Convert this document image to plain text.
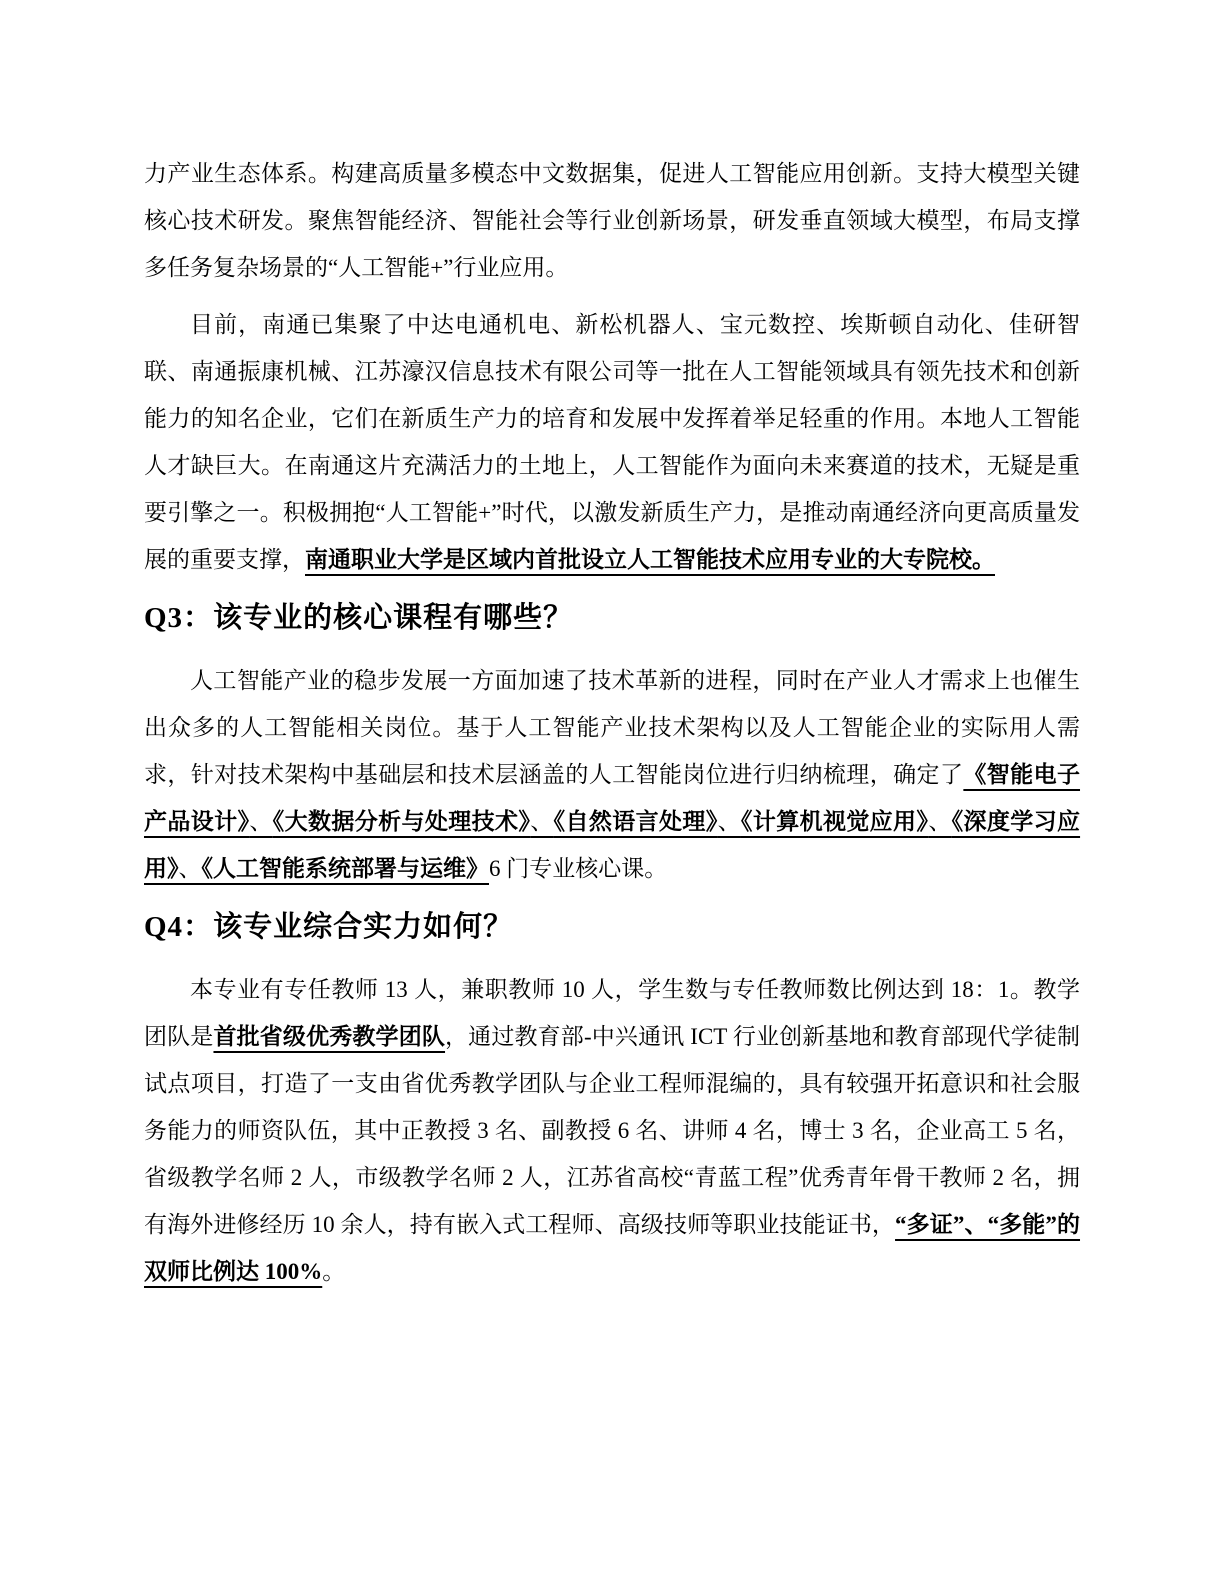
力产业生态体系。构建高质量多模态中文数据集，促进人工智能应用创新。支持大模型关键核心技术研发。聚焦智能经济、智能社会等行业创新场景，研发垂直领域大模型，布局支撑多任务复杂场景的“人工智能+”行业应用。

目前，南通已集聚了中达电通机电、新松机器人、宝元数控、埃斯顿自动化、佳研智联、南通振康机械、江苏濠汉信息技术有限公司等一批在人工智能领域具有领先技术和创新能力的知名企业，它们在新质生产力的培育和发展中发挥着举足轻重的作用。本地人工智能人才缺巨大。在南通这片充满活力的土地上，人工智能作为面向未来赛道的技术，无疑是重要引擎之一。积极拥抱“人工智能+”时代，以激发新质生产力，是推动南通经济向更高质量发展的重要支撑，南通职业大学是区域内首批设立人工智能技术应用专业的大专院校。

Q3：该专业的核心课程有哪些？

人工智能产业的稳步发展一方面加速了技术革新的进程，同时在产业人才需求上也催生出众多的人工智能相关岗位。基于人工智能产业技术架构以及人工智能企业的实际用人需求，针对技术架构中基础层和技术层涵盖的人工智能岗位进行归纳梳理，确定了《智能电子产品设计》、《大数据分析与处理技术》、《自然语言处理》、《计算机视觉应用》、《深度学习应用》、《人工智能系统部署与运维》6 门专业核心课。

Q4：该专业综合实力如何？

本专业有专任教师 13 人，兼职教师 10 人，学生数与专任教师数比例达到 18：1。教学团队是首批省级优秀教学团队，通过教育部-中兴通讯 ICT 行业创新基地和教育部现代学徒制试点项目，打造了一支由省优秀教学团队与企业工程师混编的，具有较强开拓意识和社会服务能力的师资队伍，其中正教授 3 名、副教授 6 名、讲师 4 名，博士 3 名，企业高工 5 名，省级教学名师 2 人，市级教学名师 2 人，江苏省高校“青蓝工程”优秀青年骨干教师 2 名，拥有海外进修经历 10 余人，持有嵌入式工程师、高级技师等职业技能证书，“多证”、“多能”的双师比例达 100%。
